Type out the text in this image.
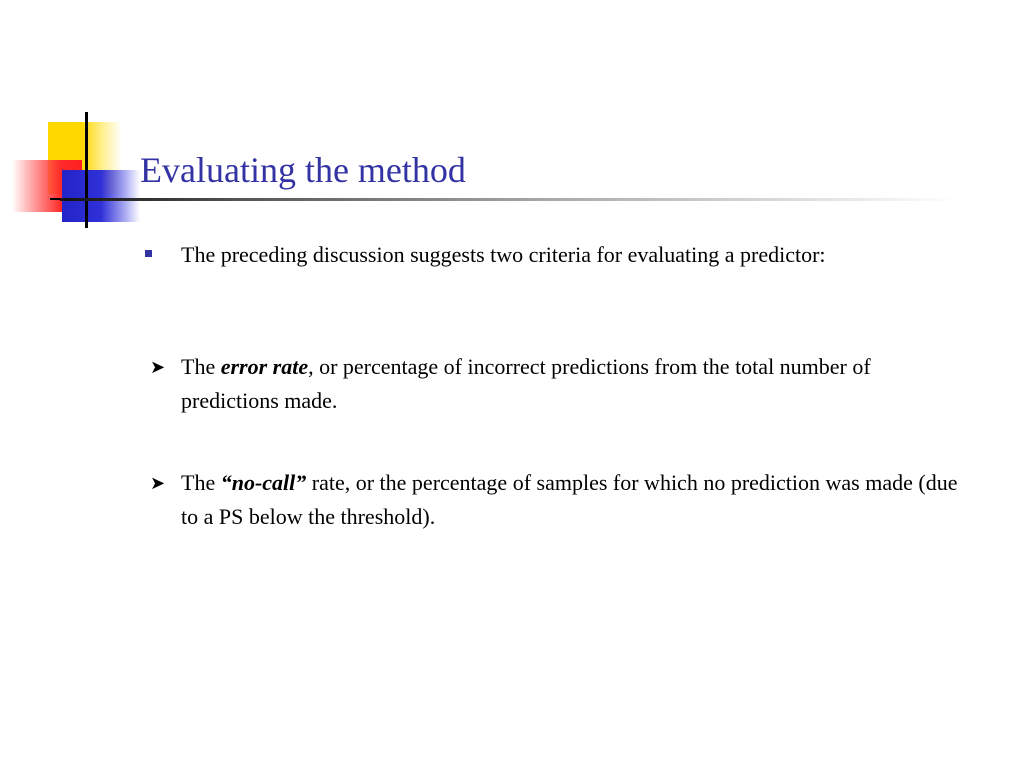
Evaluating the method
The preceding discussion suggests two criteria for evaluating a predictor:
➤ The error rate, or percentage of incorrect predictions from the total number of predictions made.
➤ The “no-call” rate, or the percentage of samples for which no prediction was made (due to a PS below the threshold).
